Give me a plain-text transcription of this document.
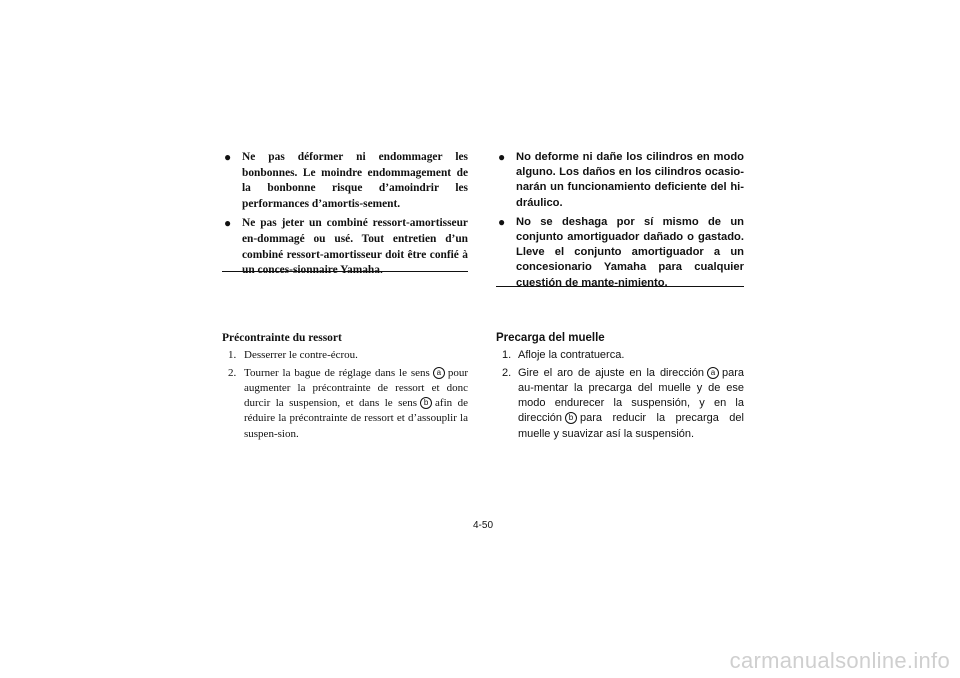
● Ne pas déformer ni endommager les bonbonnes. Le moindre endommagement de la bonbonne risque d’amoindrir les performances d’amortis-sement.
● Ne pas jeter un combiné ressort-amortisseur en-dommagé ou usé. Tout entretien d’un combiné ressort-amortisseur doit être confié à un conces-sionnaire Yamaha.
● No deforme ni dañe los cilindros en modo alguno. Los daños en los cilindros ocasio-narán un funcionamiento deficiente del hi-dráulico.
● No se deshaga por sí mismo de un conjunto amortiguador dañado o gastado. Lleve el conjunto amortiguador a un concesionario Yamaha para cualquier cuestión de mante-nimiento.
Précontrainte du ressort
1. Desserrer le contre-écrou.
2. Tourner la bague de réglage dans le sens a pour augmenter la précontrainte de ressort et donc durcir la suspension, et dans le sens b afin de réduire la précontrainte de ressort et d’assouplir la suspen-sion.
Precarga del muelle
1. Afloje la contratuerca.
2. Gire el aro de ajuste en la dirección a para au-mentar la precarga del muelle y de ese modo endurecer la suspensión, y en la dirección b para reducir la precarga del muelle y suavizar así la suspensión.
4-50
carmanualsonline.info
